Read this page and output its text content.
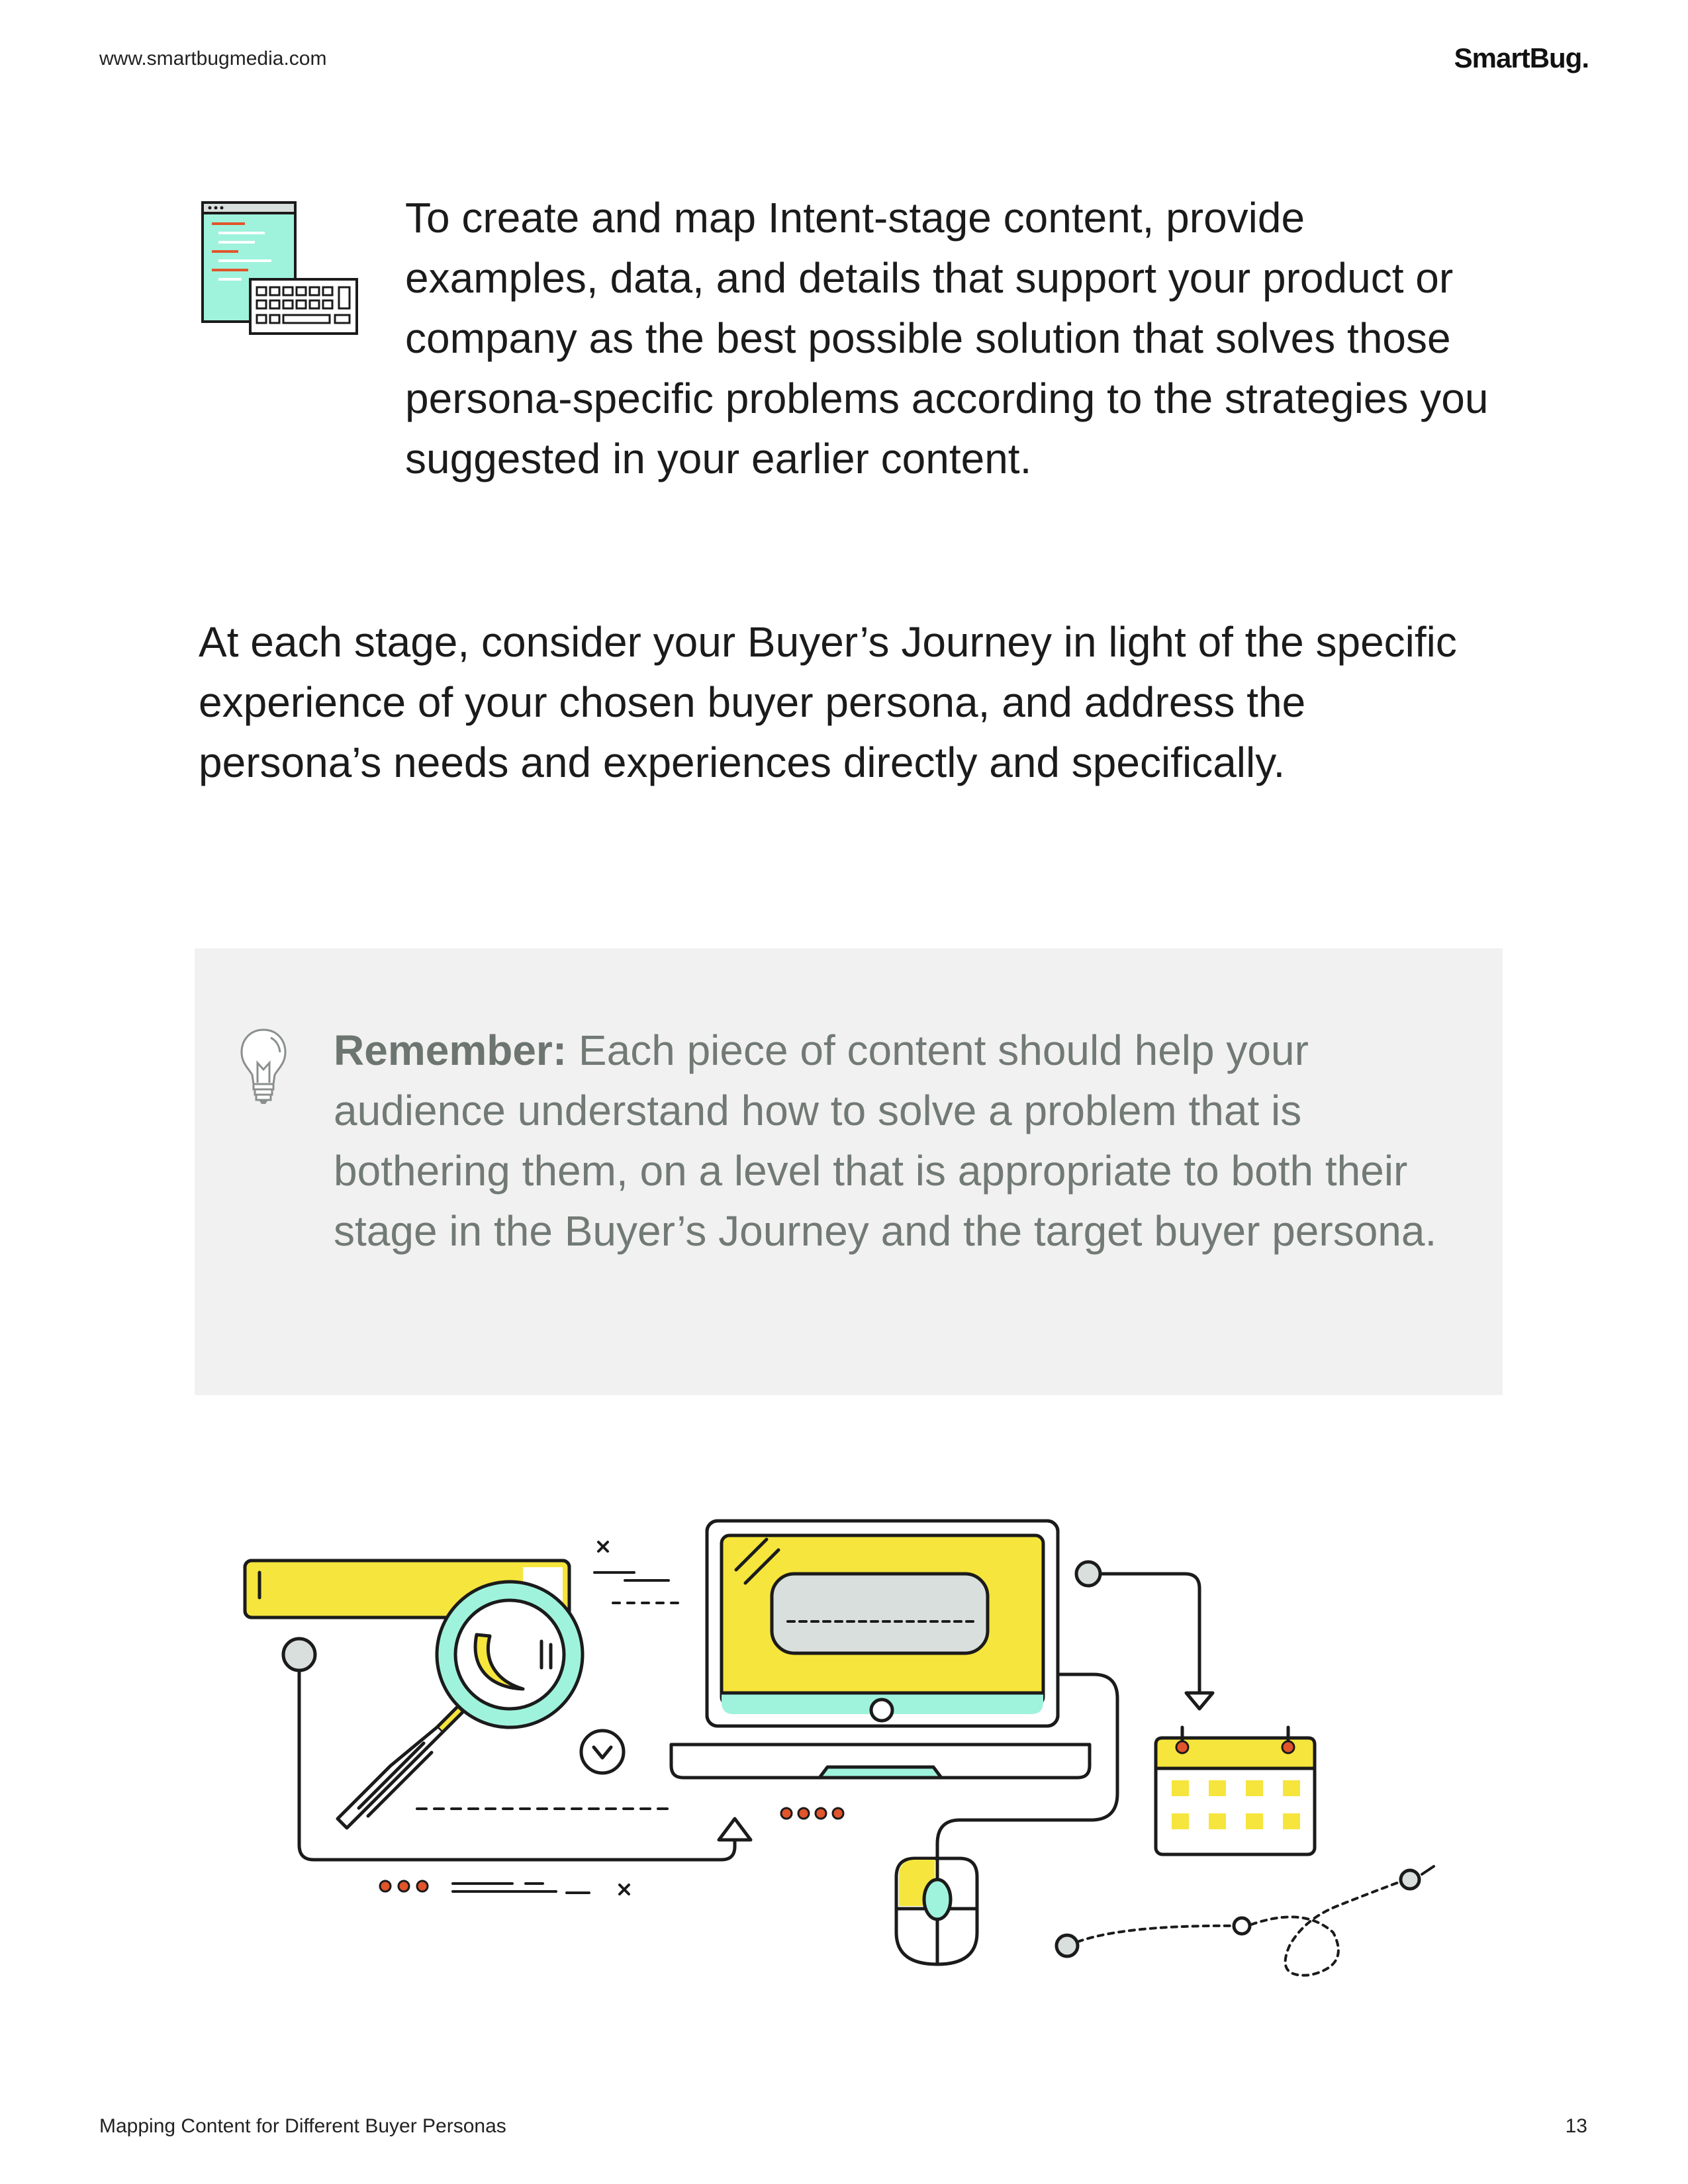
www.smartbugmedia.com	SmartBug.
To create and map Intent-stage content, provide examples, data, and details that support your product or company as the best possible solution that solves those persona-specific problems according to the strategies you suggested in your earlier content.
At each stage, consider your Buyer’s Journey in light of the specific experience of your chosen buyer persona, and address the persona’s needs and experiences directly and specifically.
Remember: Each piece of content should help your audience understand how to solve a problem that is bothering them, on a level that is appropriate to both their stage in the Buyer’s Journey and the target buyer persona.
Mapping Content for Different Buyer Personas	13
